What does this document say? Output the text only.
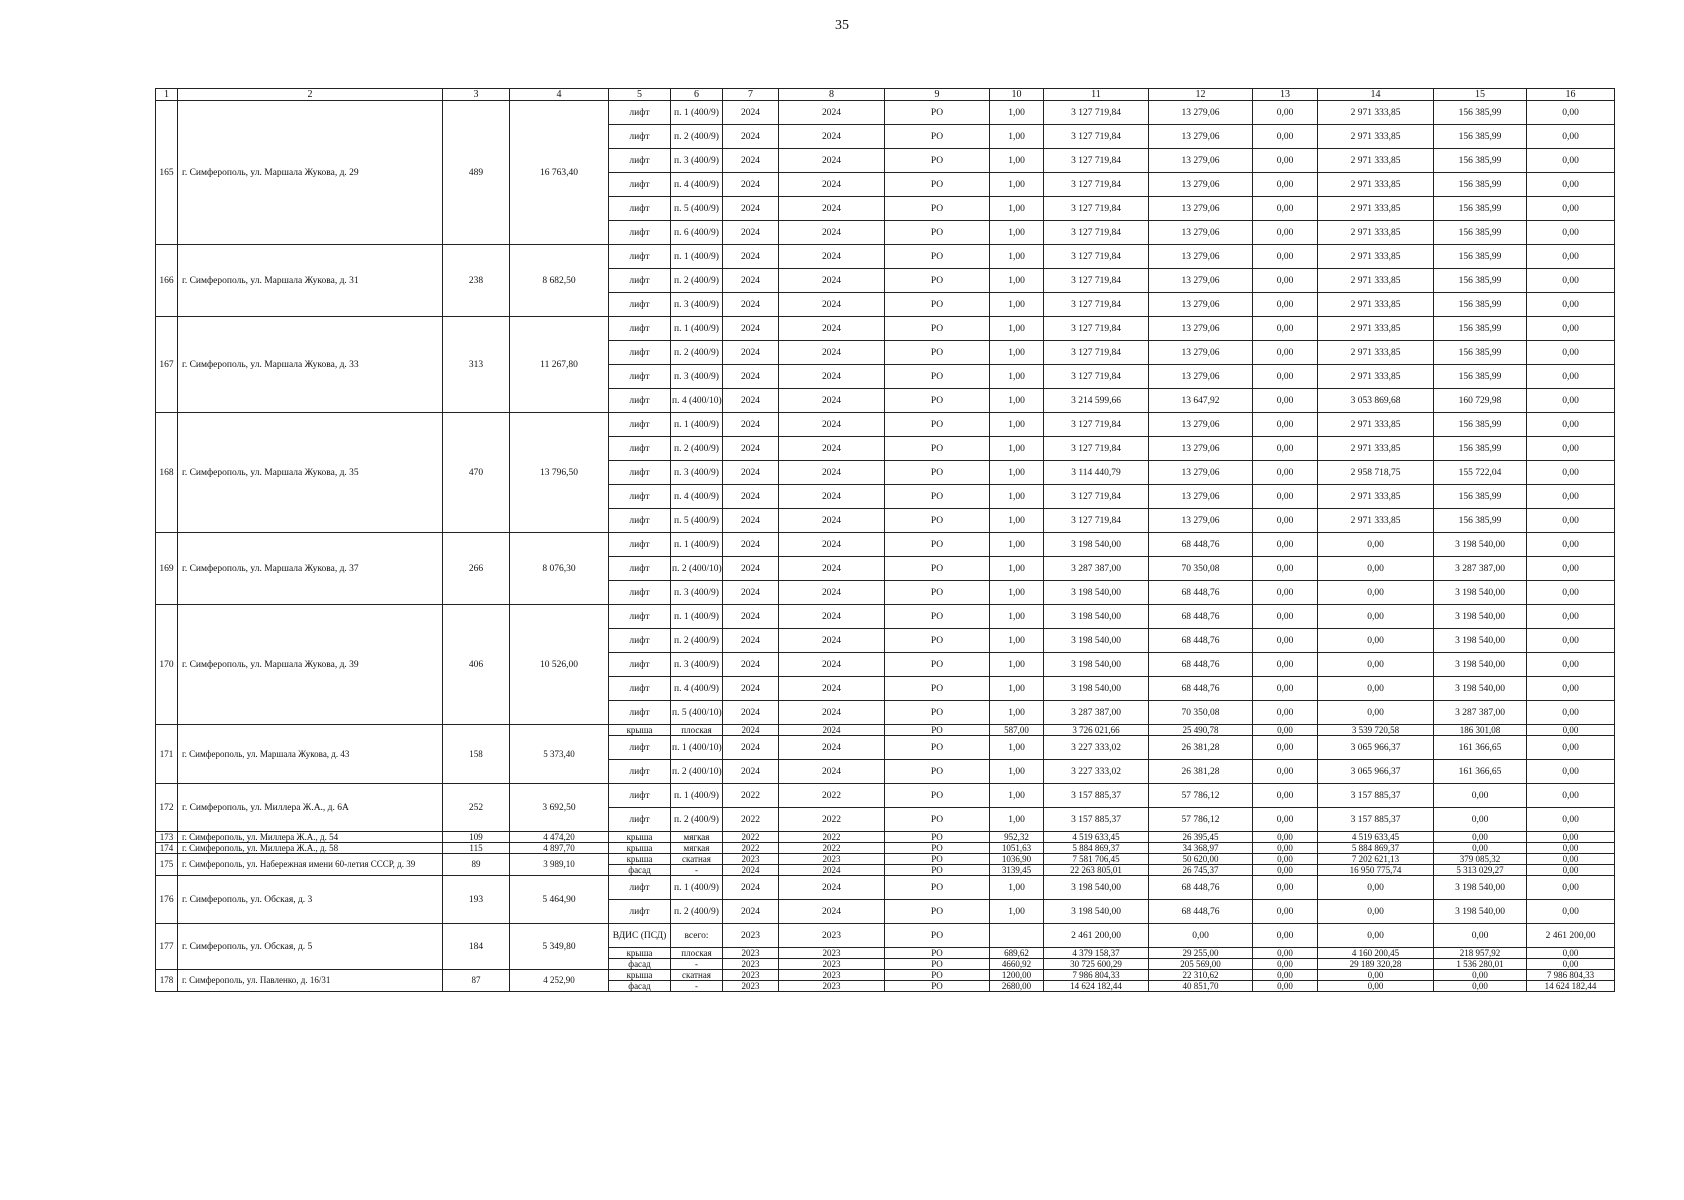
35
1	2	3	4	5	6	7	8	9	10	11	12	13	14	15	16
165	г. Симферополь, ул. Маршала Жукова, д. 29	489	16 763,40	лифт	п. 1 (400/9)	2024	2024	РО	1,00	3 127 719,84	13 279,06	0,00	2 971 333,85	156 385,99	0,00
				лифт	п. 2 (400/9)	2024	2024	РО	1,00	3 127 719,84	13 279,06	0,00	2 971 333,85	156 385,99	0,00
				лифт	п. 3 (400/9)	2024	2024	РО	1,00	3 127 719,84	13 279,06	0,00	2 971 333,85	156 385,99	0,00
				лифт	п. 4 (400/9)	2024	2024	РО	1,00	3 127 719,84	13 279,06	0,00	2 971 333,85	156 385,99	0,00
				лифт	п. 5 (400/9)	2024	2024	РО	1,00	3 127 719,84	13 279,06	0,00	2 971 333,85	156 385,99	0,00
				лифт	п. 6 (400/9)	2024	2024	РО	1,00	3 127 719,84	13 279,06	0,00	2 971 333,85	156 385,99	0,00
166	г. Симферополь, ул. Маршала Жукова, д. 31	238	8 682,50	лифт	п. 1 (400/9)	2024	2024	РО	1,00	3 127 719,84	13 279,06	0,00	2 971 333,85	156 385,99	0,00
				лифт	п. 2 (400/9)	2024	2024	РО	1,00	3 127 719,84	13 279,06	0,00	2 971 333,85	156 385,99	0,00
				лифт	п. 3 (400/9)	2024	2024	РО	1,00	3 127 719,84	13 279,06	0,00	2 971 333,85	156 385,99	0,00
167	г. Симферополь, ул. Маршала Жукова, д. 33	313	11 267,80	лифт	п. 1 (400/9)	2024	2024	РО	1,00	3 127 719,84	13 279,06	0,00	2 971 333,85	156 385,99	0,00
				лифт	п. 2 (400/9)	2024	2024	РО	1,00	3 127 719,84	13 279,06	0,00	2 971 333,85	156 385,99	0,00
				лифт	п. 3 (400/9)	2024	2024	РО	1,00	3 127 719,84	13 279,06	0,00	2 971 333,85	156 385,99	0,00
				лифт	п. 4 (400/10)	2024	2024	РО	1,00	3 214 599,66	13 647,92	0,00	3 053 869,68	160 729,98	0,00
168	г. Симферополь, ул. Маршала Жукова, д. 35	470	13 796,50	лифт	п. 1 (400/9)	2024	2024	РО	1,00	3 127 719,84	13 279,06	0,00	2 971 333,85	156 385,99	0,00
				лифт	п. 2 (400/9)	2024	2024	РО	1,00	3 127 719,84	13 279,06	0,00	2 971 333,85	156 385,99	0,00
				лифт	п. 3 (400/9)	2024	2024	РО	1,00	3 114 440,79	13 279,06	0,00	2 958 718,75	155 722,04	0,00
				лифт	п. 4 (400/9)	2024	2024	РО	1,00	3 127 719,84	13 279,06	0,00	2 971 333,85	156 385,99	0,00
				лифт	п. 5 (400/9)	2024	2024	РО	1,00	3 127 719,84	13 279,06	0,00	2 971 333,85	156 385,99	0,00
169	г. Симферополь, ул. Маршала Жукова, д. 37	266	8 076,30	лифт	п. 1 (400/9)	2024	2024	РО	1,00	3 198 540,00	68 448,76	0,00	0,00	3 198 540,00	0,00
				лифт	п. 2 (400/10)	2024	2024	РО	1,00	3 287 387,00	70 350,08	0,00	0,00	3 287 387,00	0,00
				лифт	п. 3 (400/9)	2024	2024	РО	1,00	3 198 540,00	68 448,76	0,00	0,00	3 198 540,00	0,00
170	г. Симферополь, ул. Маршала Жукова, д. 39	406	10 526,00	лифт	п. 1 (400/9)	2024	2024	РО	1,00	3 198 540,00	68 448,76	0,00	0,00	3 198 540,00	0,00
				лифт	п. 2 (400/9)	2024	2024	РО	1,00	3 198 540,00	68 448,76	0,00	0,00	3 198 540,00	0,00
				лифт	п. 3 (400/9)	2024	2024	РО	1,00	3 198 540,00	68 448,76	0,00	0,00	3 198 540,00	0,00
				лифт	п. 4 (400/9)	2024	2024	РО	1,00	3 198 540,00	68 448,76	0,00	0,00	3 198 540,00	0,00
				лифт	п. 5 (400/10)	2024	2024	РО	1,00	3 287 387,00	70 350,08	0,00	0,00	3 287 387,00	0,00
171	г. Симферополь, ул. Маршала Жукова, д. 43	158	5 373,40	крыша	плоская	2024	2024	РО	587,00	3 726 021,66	25 490,78	0,00	3 539 720,58	186 301,08	0,00
				лифт	п. 1 (400/10)	2024	2024	РО	1,00	3 227 333,02	26 381,28	0,00	3 065 966,37	161 366,65	0,00
				лифт	п. 2 (400/10)	2024	2024	РО	1,00	3 227 333,02	26 381,28	0,00	3 065 966,37	161 366,65	0,00
172	г. Симферополь, ул. Миллера Ж.А., д. 6А	252	3 692,50	лифт	п. 1 (400/9)	2022	2022	РО	1,00	3 157 885,37	57 786,12	0,00	3 157 885,37	0,00	0,00
				лифт	п. 2 (400/9)	2022	2022	РО	1,00	3 157 885,37	57 786,12	0,00	3 157 885,37	0,00	0,00
173	г. Симферополь, ул. Миллера Ж.А., д. 54	109	4 474,20	крыша	мягкая	2022	2022	РО	952,32	4 519 633,45	26 395,45	0,00	4 519 633,45	0,00	0,00
174	г. Симферополь, ул. Миллера Ж.А., д. 58	115	4 897,70	крыша	мягкая	2022	2022	РО	1051,63	5 884 869,37	34 368,97	0,00	5 884 869,37	0,00	0,00
175	г. Симферополь, ул. Набережная имени 60-летия СССР, д. 39	89	3 989,10	крыша	скатная	2023	2023	РО	1036,90	7 581 706,45	50 620,00	0,00	7 202 621,13	379 085,32	0,00
				фасад	-	2024	2024	РО	3139,45	22 263 805,01	26 745,37	0,00	16 950 775,74	5 313 029,27	0,00
176	г. Симферополь, ул. Обская, д. 3	193	5 464,90	лифт	п. 1 (400/9)	2024	2024	РО	1,00	3 198 540,00	68 448,76	0,00	0,00	3 198 540,00	0,00
				лифт	п. 2 (400/9)	2024	2024	РО	1,00	3 198 540,00	68 448,76	0,00	0,00	3 198 540,00	0,00
177	г. Симферополь, ул. Обская, д. 5	184	5 349,80	ВДИС (ПСД)	всего:	2023	2023	РО		2 461 200,00	0,00	0,00	0,00	0,00	2 461 200,00
				крыша	плоская	2023	2023	РО	689,62	4 379 158,37	29 255,00	0,00	4 160 200,45	218 957,92	0,00
				фасад	-	2023	2023	РО	4660,92	30 725 600,29	205 569,00	0,00	29 189 320,28	1 536 280,01	0,00
178	г. Симферополь, ул. Павленко, д. 16/31	87	4 252,90	крыша	скатная	2023	2023	РО	1200,00	7 986 804,33	22 310,62	0,00	0,00	0,00	7 986 804,33
				фасад	-	2023	2023	РО	2680,00	14 624 182,44	40 851,70	0,00	0,00	0,00	14 624 182,44
